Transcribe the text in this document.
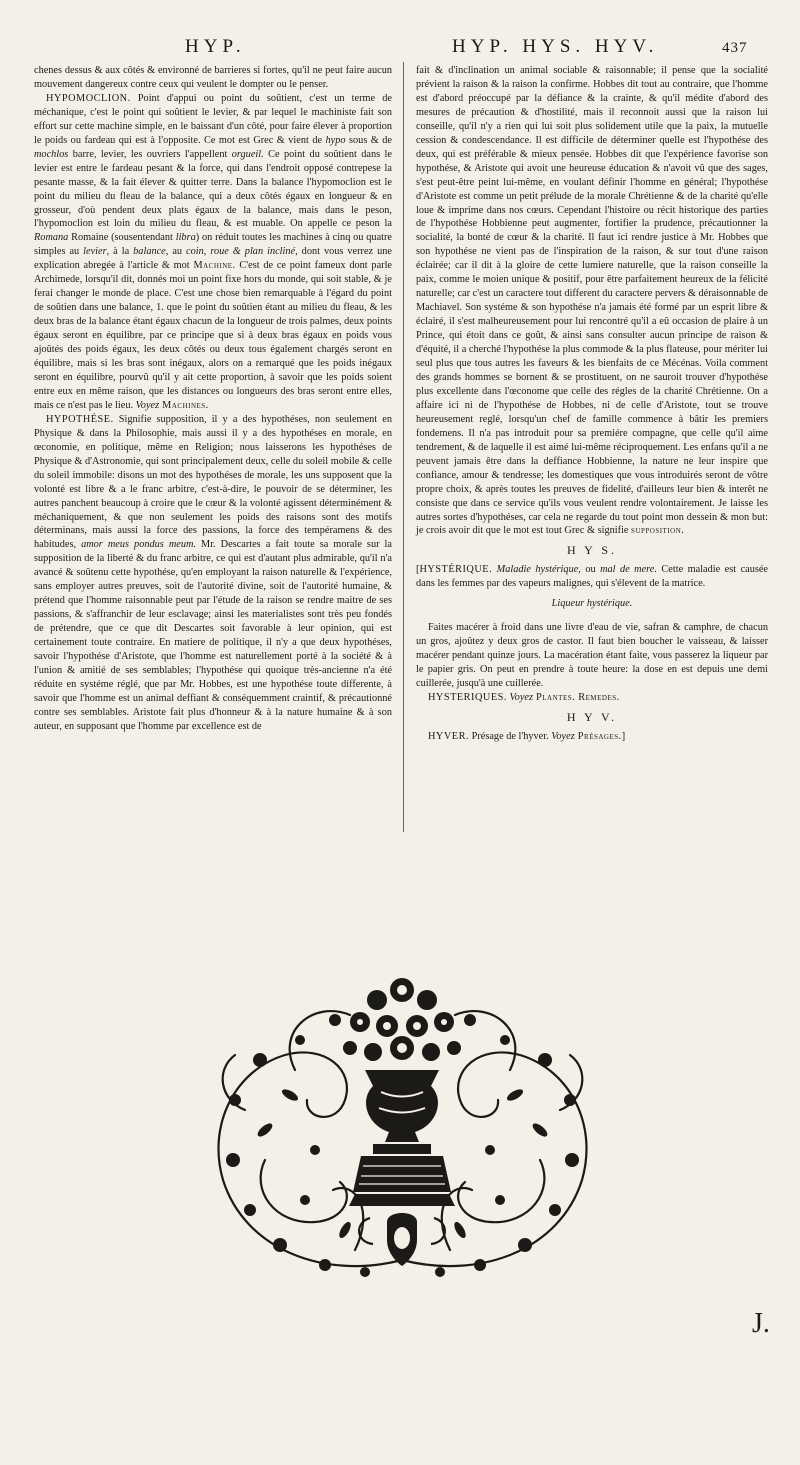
HYP.	HYP. HYS. HYV.	437

chenes dessus & aux côtés & environné de barrieres si fortes, qu'il ne peut faire aucun mouvement dangereux contre ceux qui veulent le dompter ou le penser.

HYPOMOCLION. Point d'appui ou point du soûtient, c'est un terme de méchanique, c'est le point qui soûtient le levier, & par lequel le machiniste fait son effort sur cette machine simple, en le baissant d'un côté, pour faire élever à proportion le poids ou fardeau qui est à l'opposite. Ce mot est Grec & vient de hypo sous & de mochlos barre, levier, les ouvriers l'appellent orgueil. Ce point du soûtient dans le levier est entre le fardeau pesant & la force, qui dans l'endroit opposé contrepese la pesante masse, & la fait élever & quitter terre. Dans la balance l'hypomoclion est le point du milieu du fleau de la balance, qui a deux côtés égaux en longueur & en grosseur, d'où pendent deux plats égaux de la balance, mais dans le peson, l'hypomoclion est loin du milieu du fleau, & est muable. On appelle ce peson la Romana Romaine (sousentendant libra) on réduit toutes les machines à cinq ou quatre simples au levier, à la balance, au coin, roue & plan incliné, dont vous verrez une explication abregée à l'article & mot Machine. C'est de ce point fameux dont parle Archimede, lorsqu'il dit, donnés moi un point fixe hors du monde, qui soit stable, & je ferai changer le monde de place. C'est une chose bien remarquable à l'égard du point de soûtien dans une balance, 1. que le point du soûtien étant au milieu du fleau, & les deux bras de la balance étant égaux chacun de la longueur de trois palmes, deux points égaux seront en équilibre, par ce principe que si à deux bras égaux en poids vous ajoûtés des poids égaux, les deux côtés ou deux tous également chargés seront en équilibre, mais si les bras sont inégaux, alors on a remarqué que les poids inégaux seront en équilibre, pourvû qu'il y ait cette proportion, à savoir que les poids soient entre eux en même raison, que les distances ou longueurs des bras seront entre elles, mais ce n'est pas le lieu. Voyez Machines.

HYPOTHÉSE. Signifie supposition, il y a des hypothéses, non seulement en Physique & dans la Philosophie, mais aussi il y a des hypothéses en morale, en œconomie, en politique, même en Religion; nous laisserons les hypothéses de Physique & d'Astronomie, qui sont principalement deux, celle du soleil mobile & celle du soleil immobile: disons un mot des hypothéses de morale, les uns supposent que la volonté est libre & a le franc arbitre, c'est-à-dire, le pouvoir de se déterminer, les autres panchent beaucoup à croire que le cœur & la volonté agissent déterminément & méchaniquement, & que non seulement les poids des raisons sont des motifs déterminans, mais aussi la force des passions, la force des tempéramens & des habitudes, amor meus pondus meum. Mr. Descartes a fait toute sa morale sur la supposition de la liberté & du franc arbitre, ce qui est d'autant plus admirable, qu'il n'a avancé & soûtenu cette hypothése, qu'en employant la raison naturelle & l'expérience, sans employer autres preuves, soit de l'autorité divine, soit de l'autorité humaine, & prétend que l'homme raisonnable peut par l'étude de la raison se rendre maitre de ses passions, & s'affranchir de leur esclavage; ainsi les materialistes sont très peu fondés de prétendre, que ce que dit Descartes soit favorable à leur opinion, qui est certainement toute contraire. En matiere de politique, il n'y a que deux hypothéses, savoir l'hypothése d'Aristote, que l'homme est naturellement porté à la société & à l'union & amitié de ses semblables; l'hypothése qui quoique très-ancienne n'a été réduite en systéme réglé, que par Mr. Hobbes, est une hypothése toute differente, à savoir que l'homme est un animal deffiant & conséquemment craintif, & précautionné contre ses semblables. Aristote fait plus d'honneur & à la nature humaine & à son auteur, en supposant que l'homme par excellence est de

fait & d'inclination un animal sociable & raisonnable; il pense que la socialité prévient la raison & la raison la confirme. Hobbes dit tout au contraire, que l'homme est d'abord préoccupé par la défiance & la crainte, & qu'il médite d'abord des mesures de précaution & d'hostilité, mais il reconnoit aussi que la raison lui conseille, qu'il n'y a rien qui lui soit plus solidement utile que la paix, la mutuelle cession & condescendance. Il est difficile de déterminer quelle est l'hypothése des deux, qui est préférable & mieux pensée. Hobbes dit que l'expérience favorise son hypothése, & Aristote qui avoit une heureuse éducation & n'avoit vû que des sages, s'est peut-être peint lui-même, en voulant définir l'homme en général; l'hypothése d'Aristote est comme un petit prélude de la morale Chrétienne & de la charité qu'elle loue & imprime dans nos cœurs. Cependant l'histoire ou récit historique des parties de l'hypothése Hobbienne peut augmenter, fortifier la prudence, précautionner la socialité, la bonté de cœur & la charité. Il faut ici rendre justice à Mr. Hobbes que son hypothése ne vient pas de l'inspiration de la raison, & sur tout d'une raison éclairée; car il dit à la gloire de cette lumiere naturelle, que la raison conseille la paix, comme le moien unique & positif, pour être parfaitement heureux de la félicité naturelle; car c'est un caractere tout different du caractere pervers & déraisonnable de Machiavel. Son systéme & son hypothése n'a jamais été formé par un esprit libre & éclairé, il s'est malheureusement pour lui rencontré qu'il a eû occasion de plaire à un Prince, qui étoit dans ce goût, & ainsi sans consulter aucun principe de raison & d'équité, il a cherché l'hypothése la plus commode & la plus flateuse, pour mériter lui seul plus que tous autres les faveurs & les bienfaits de ce Mécénas. Voila comment des grands hommes se bornent & se prostituent, on ne sauroit trouver d'hypothése plus excellente dans l'œconome que celle des régles de la charité Chrétienne. On a affaire ici ni de l'hypothése de Hobbes, ni de celle d'Aristote, tout se trouve heureusement reglé, lorsqu'un chef de famille commence à bâtir les premiers fondemens. Il n'a pas introduit pour sa premiére compagne, que celle qu'il aime tendrement, & de laquelle il est aimé lui-même réciproquement. Les enfans qu'il a ne peuvent jamais être dans la deffiance Hobbienne, la nature ne leur inspire que confiance, amour & tendresse; les domestiques que vous introduirés seront de vôtre propre choix, & après toutes les preuves de fidelité, d'ailleurs leur bien & interêt ne consiste que dans ce service qu'ils vous veulent rendre volontairement. Je laisse les autres sortes d'hypothéses, car cela ne regarde du tout point mon dessein & mon but: je crois avoir dit que le mot est tout Grec & signifie supposition.

H Y S.

[HYSTÉRIQUE. Maladie hystérique, ou mal de mere. Cette maladie est causée dans les femmes par des vapeurs malignes, qui s'élevent de la matrice.

Liqueur hystérique.

Faites macérer à froid dans une livre d'eau de vie, safran & camphre, de chacun un gros, ajoûtez y deux gros de castor. Il faut bien boucher le vaisseau, & laisser macérer pendant quinze jours. La macération étant faite, vous passerez la liqueur par le papier gris. On peut en prendre à toute heure: la dose en est depuis une demi cuillerée, jusqu'à une cuillerée.

HYSTERIQUES. Voyez Plantes. Remedes.

H Y V.

HYVER. Présage de l'hyver. Voyez Présages.]

J.
